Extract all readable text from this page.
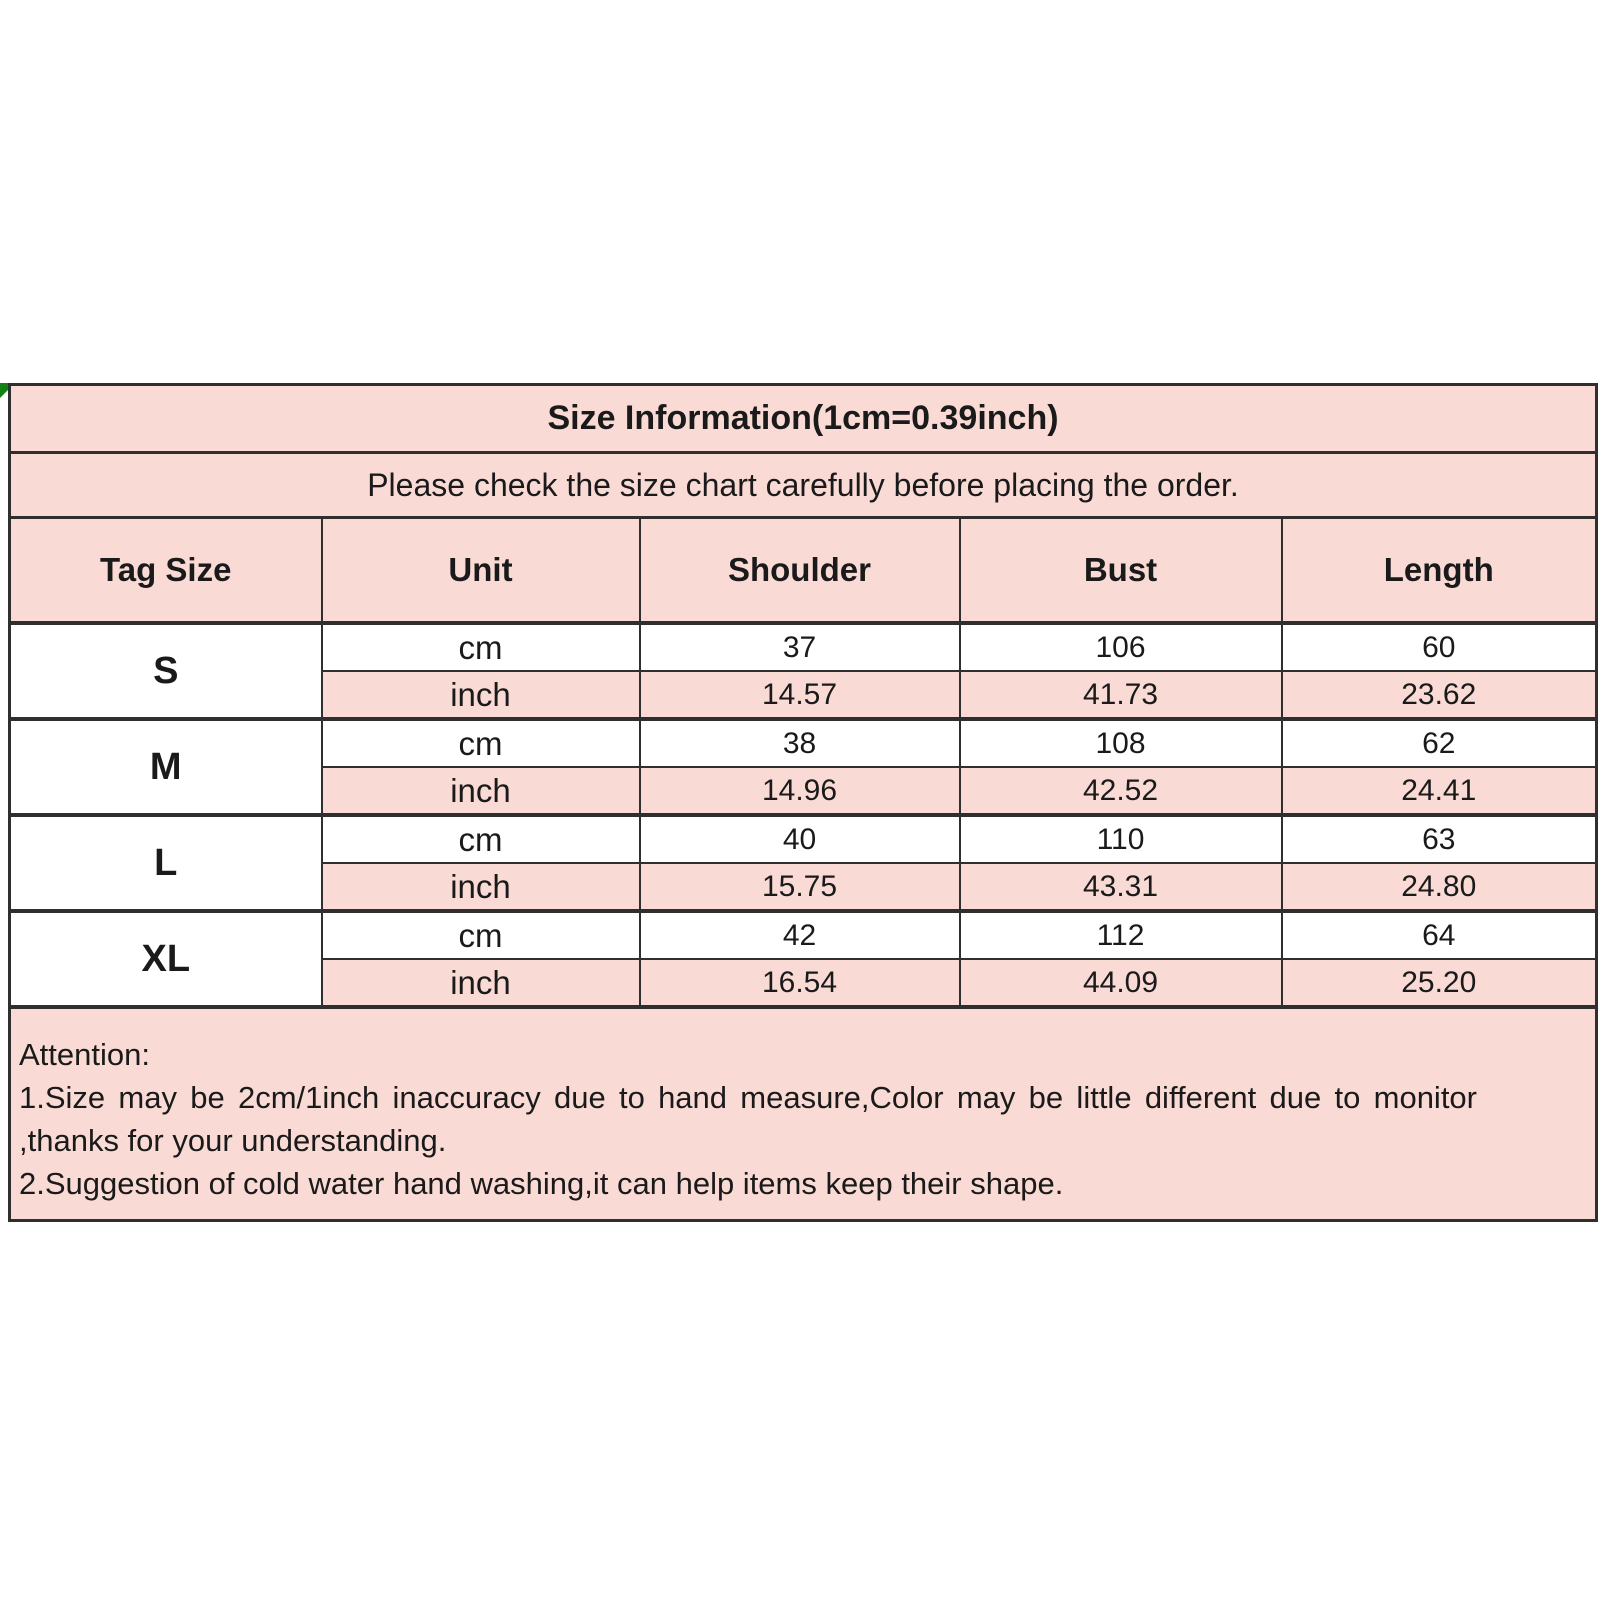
Size Information(1cm=0.39inch)				
Please check the size chart carefully before placing the order.				
Tag Size	Unit	Shoulder	Bust	Length
S	cm	37	106	60
	inch	14.57	41.73	23.62
M	cm	38	108	62
	inch	14.96	42.52	24.41
L	cm	40	110	63
	inch	15.75	43.31	24.80
XL	cm	42	112	64
	inch	16.54	44.09	25.20

Attention:
1.Size may be 2cm/1inch inaccuracy due to hand measure,Color may be little different due to monitor
,thanks for your understanding.
2.Suggestion of cold water hand washing,it can help items keep their shape.				
